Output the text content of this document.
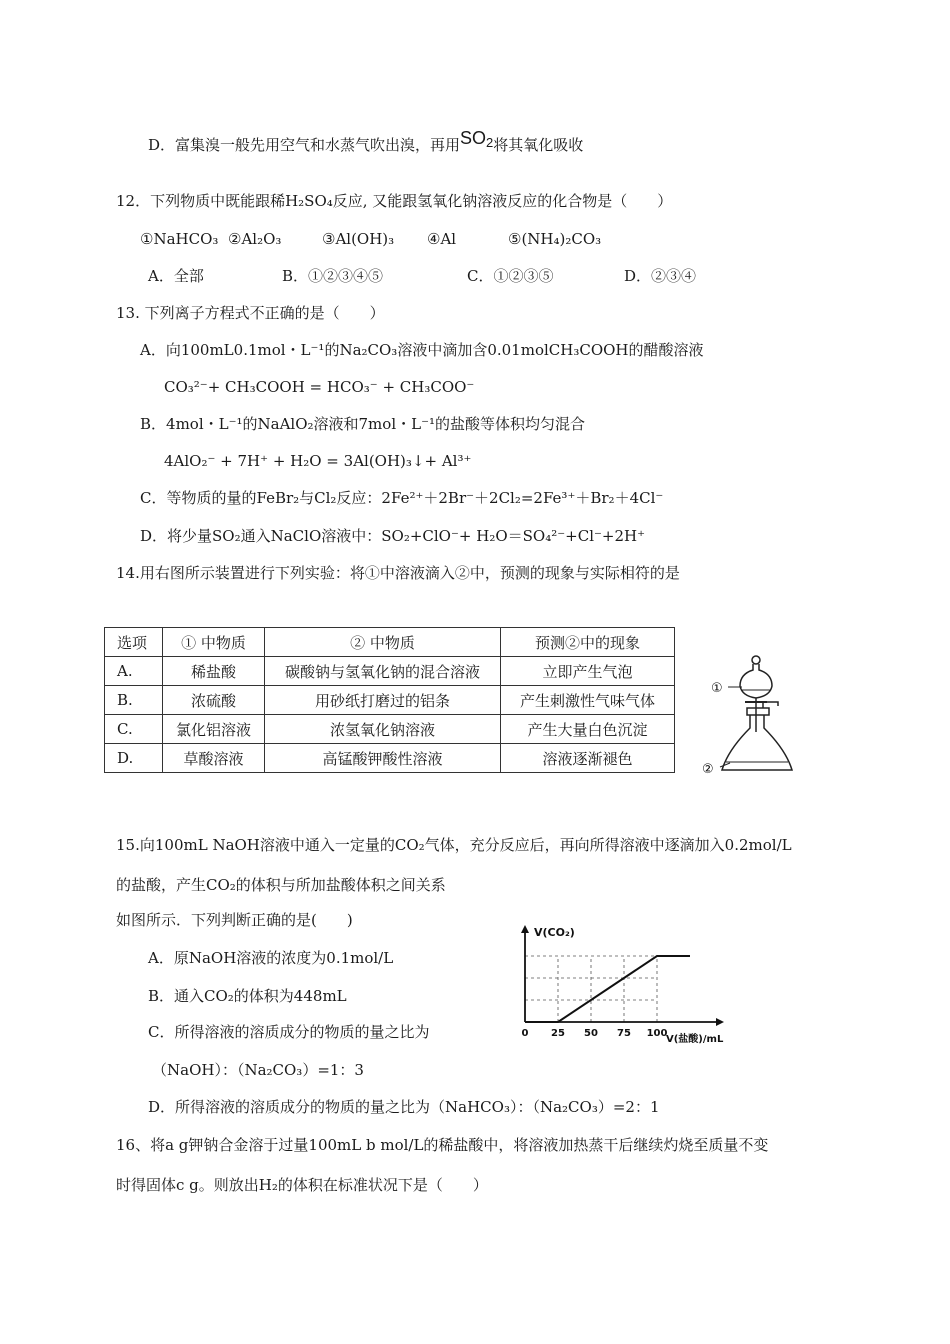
D．富集溴一般先用空气和水蒸气吹出溴，再用SO2将其氧化吸收
12．下列物质中既能跟稀H₂SO₄反应, 又能跟氢氧化钠溶液反应的化合物是（　　）
①NaHCO₃ ②Al₂O₃	③Al(OH)₃ ④Al	⑤(NH₄)₂CO₃
A．全部	B．①②③④⑤	C．①②③⑤	D．②③④
13. 下列离子方程式不正确的是（　　）
A．向100mL0.1mol・L⁻¹的Na₂CO₃溶液中滴加含0.01molCH₃COOH的醋酸溶液
CO₃²⁻+ CH₃COOH = HCO₃⁻ + CH₃COO⁻
B．4mol・L⁻¹的NaAlO₂溶液和7mol・L⁻¹的盐酸等体积均匀混合
4AlO₂⁻ + 7H⁺ + H₂O = 3Al(OH)₃↓+ Al³⁺
C．等物质的量的FeBr₂与Cl₂反应：2Fe²⁺＋2Br⁻＋2Cl₂=2Fe³⁺＋Br₂＋4Cl⁻
D．将少量SO₂通入NaClO溶液中：SO₂+ClO⁻+ H₂O＝SO₄²⁻+Cl⁻+2H⁺
14.用右图所示装置进行下列实验：将①中溶液滴入②中，预测的现象与实际相符的是
选项	① 中物质	② 中物质	预测②中的现象
A.	稀盐酸	碳酸钠与氢氧化钠的混合溶液	立即产生气泡
B.	浓硫酸	用砂纸打磨过的铝条	产生刺激性气味气体
C.	氯化铝溶液	浓氢氧化钠溶液	产生大量白色沉淀
D.	草酸溶液	高锰酸钾酸性溶液	溶液逐渐褪色
①
②
15.向100mL NaOH溶液中通入一定量的CO₂气体，充分反应后，再向所得溶液中逐滴加入0.2mol/L
的盐酸，产生CO₂的体积与所加盐酸体积之间关系
如图所示．下列判断正确的是(　　)
A．原NaOH溶液的浓度为0.1mol/L
B．通入CO₂的体积为448mL
C．所得溶液的溶质成分的物质的量之比为
（NaOH）：（Na₂CO₃）=1：3
D．所得溶液的溶质成分的物质的量之比为（NaHCO₃）：（Na₂CO₃）=2：1
V(CO₂)
V(盐酸)/mL
0 25 50 75 100
16、将a g钾钠合金溶于过量100mL b mol/L的稀盐酸中，将溶液加热蒸干后继续灼烧至质量不变
时得固体c g。则放出H₂的体积在标准状况下是（　　）
